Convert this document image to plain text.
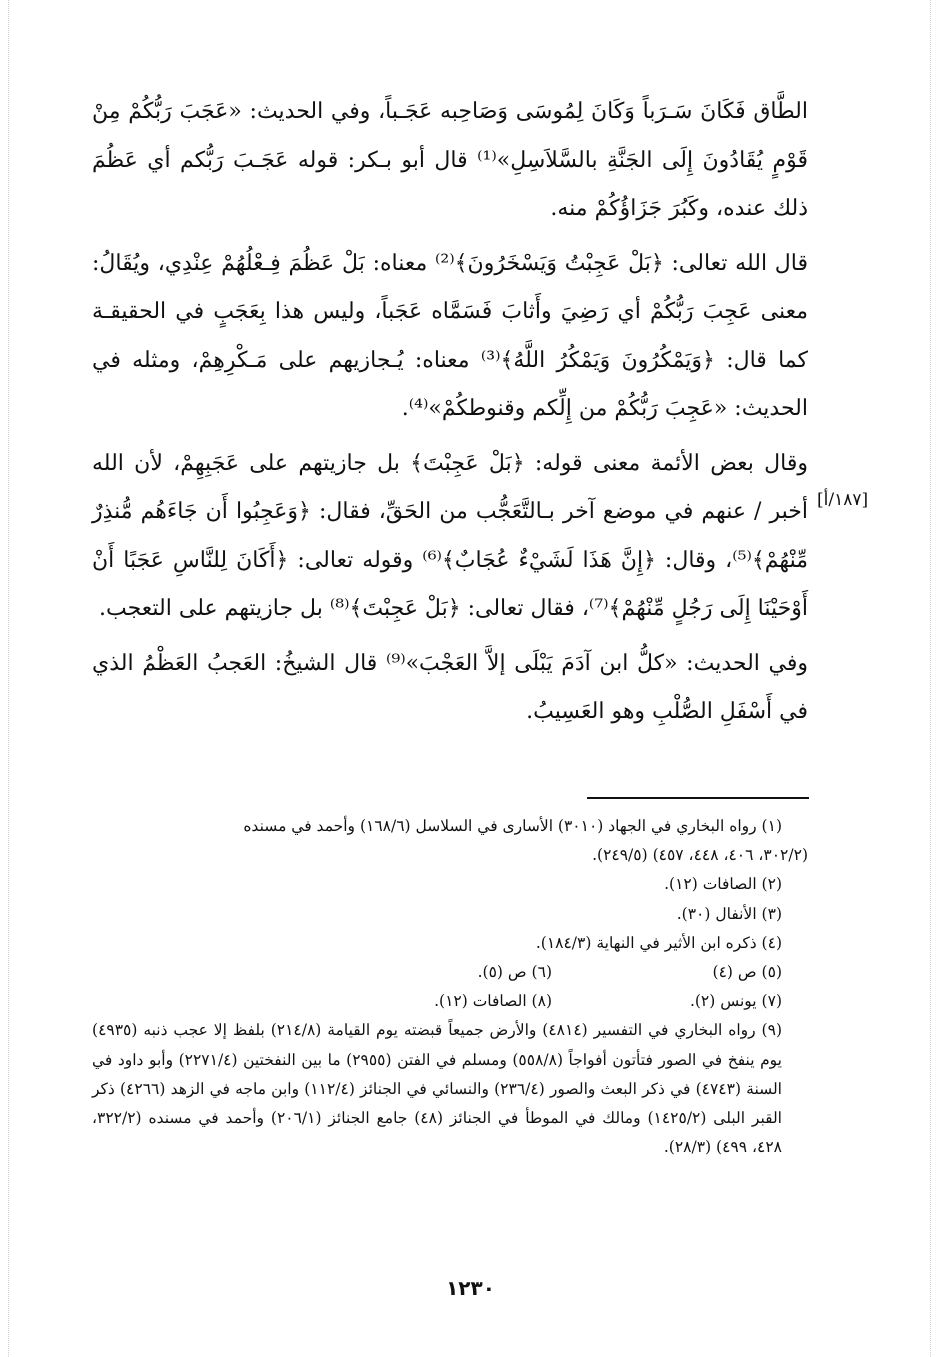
الطَّاق فَكَانَ سَـرَباً وَكَانَ لِمُوسَى وَصَاحِبه عَجَـباً، وفي الحديث: «عَجَبَ رَبُّكُمْ مِنْ قَوْمٍ يُقَادُونَ إِلَى الجَنَّةِ بالسَّلاَسِلِ»⁽¹⁾ قال أبو بـكر: قوله عَجَـبَ رَبُّكم أي عَظُمَ ذلك عنده، وكَبُرَ جَزَاؤُكُمْ منه.

قال الله تعالى: ﴿بَلْ عَجِبْتُ وَيَسْخَرُونَ﴾⁽²⁾ معناه: بَلْ عَظُمَ فِـعْلُهُمْ عِنْدِي، ويُقَالُ: معنى عَجِبَ رَبُّكُمْ أي رَضِيَ وأَثابَ فَسَمَّاه عَجَباً، وليس هذا بِعَجَبٍ في الحقيقـة كما قال: ﴿وَيَمْكُرُونَ وَيَمْكُرُ اللَّهُ﴾⁽³⁾ معناه: يُـجازيهم على مَـكْرِهِمْ، ومثله في الحديث: «عَجِبَ رَبُّكُمْ من إِلِّكم وقنوطكُمْ»⁽⁴⁾.

وقال بعض الأئمة معنى قوله: ﴿بَلْ عَجِبْتَ﴾ بل جازيتهم على عَجَبِهِمْ، لأن الله أخبر / عنهم في موضع آخر بـالتَّعَجُّب من الحَقِّ، فقال: ﴿وَعَجِبُوا أَن جَاءَهُم مُّنذِرٌ مِّنْهُمْ﴾⁽⁵⁾، وقال: ﴿إِنَّ هَذَا لَشَيْءٌ عُجَابٌ﴾⁽⁶⁾ وقوله تعالى: ﴿أَكَانَ لِلنَّاسِ عَجَبًا أَنْ أَوْحَيْنَا إِلَى رَجُلٍ مِّنْهُمْ﴾⁽⁷⁾، فقال تعالى: ﴿بَلْ عَجِبْتَ﴾⁽⁸⁾ بل جازيتهم على التعجب.

وفي الحديث: «كلُّ ابن آدَمَ يَبْلَى إلاَّ العَجْبَ»⁽⁹⁾ قال الشيخُ: العَجبُ العَظْمُ الذي في أَسْفَلِ الصُّلْبِ وهو العَسِيبُ.

[١٨٧/أ]

(١) رواه البخاري في الجهاد (٣٠١٠) الأسارى في السلاسل (١٦٨/٦) وأحمد في مسنده

(٣٠٢/٢، ٤٠٦، ٤٤٨، ٤٥٧) (٢٤٩/٥).

(٢) الصافات (١٢).

(٣) الأنفال (٣٠).

(٤) ذكره ابن الأثير في النهاية (١٨٤/٣).

(٥) ص (٤)
(٦) ص (٥).
(٧) يونس (٢).
(٨) الصافات (١٢).

(٩) رواه البخاري في التفسير (٤٨١٤) والأرض جميعاً قبضته يوم القيامة (٢١٤/٨) بلفظ إلا عجب ذنبه (٤٩٣٥) يوم ينفخ في الصور فتأتون أفواجاً (٥٥٨/٨) ومسلم في الفتن (٢٩٥٥) ما بين النفختين (٢٢٧١/٤) وأبو داود في السنة (٤٧٤٣) في ذكر البعث والصور (٢٣٦/٤) والنسائي في الجنائز (١١٢/٤) وابن ماجه في الزهد (٤٢٦٦) ذكر القبر البلى (١٤٢٥/٢) ومالك في الموطأ في الجنائز (٤٨) جامع الجنائز (٢٠٦/١) وأحمد في مسنده (٣٢٢/٢، ٤٢٨، ٤٩٩) (٢٨/٣).

١٢٣٠
